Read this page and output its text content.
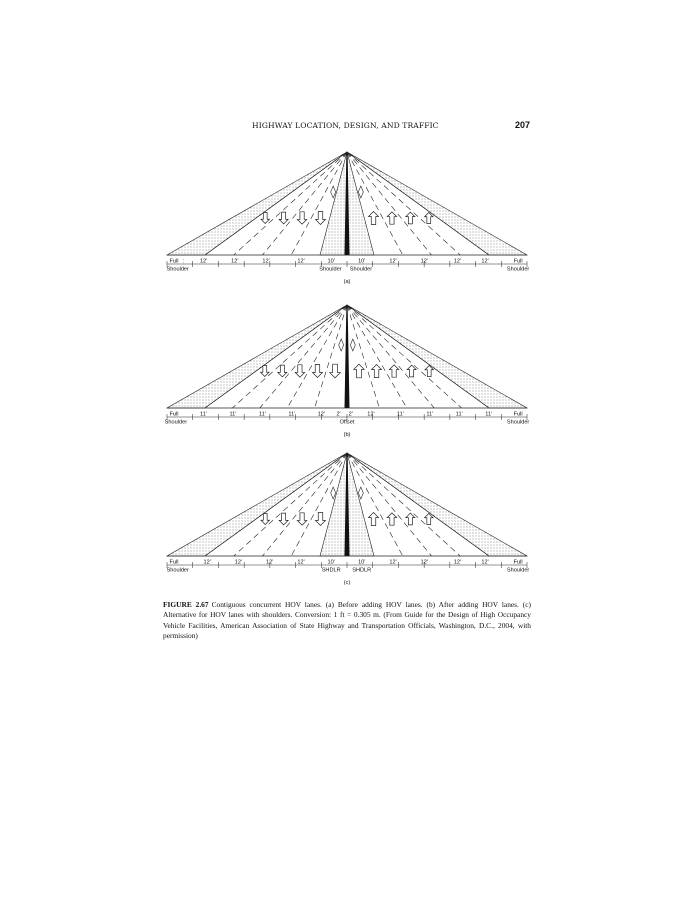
HIGHWAY LOCATION, DESIGN, AND TRAFFIC	207
Full :	12'	12'	12'	12'	10'	10'	12'	12'	12'	12'	Full
Shoulder	Shoulder Shoulder	Shoulder
(a)
Full	11'	11'	11'	11'	12' 2' 2'	12'	11'	11'	11'	11'	Full
Shoulder	Offset	Shoulder
(b)
Full	12'	12'	12'	12'	10'	10'	12'	12'	12'	12'	Full
Shoulder	SHDLR SHDLR	Shoulder
(c)
FIGURE 2.67 Contiguous concurrent HOV lanes. (a) Before adding HOV lanes. (b) After adding HOV lanes. (c) Alternative for HOV lanes with shoulders. Conversion: 1 ft = 0.305 m. (From Guide for the Design of High Occupancy Vehicle Facilities, American Association of State Highway and Transportation Officials, Washington, D.C., 2004, with permission)
